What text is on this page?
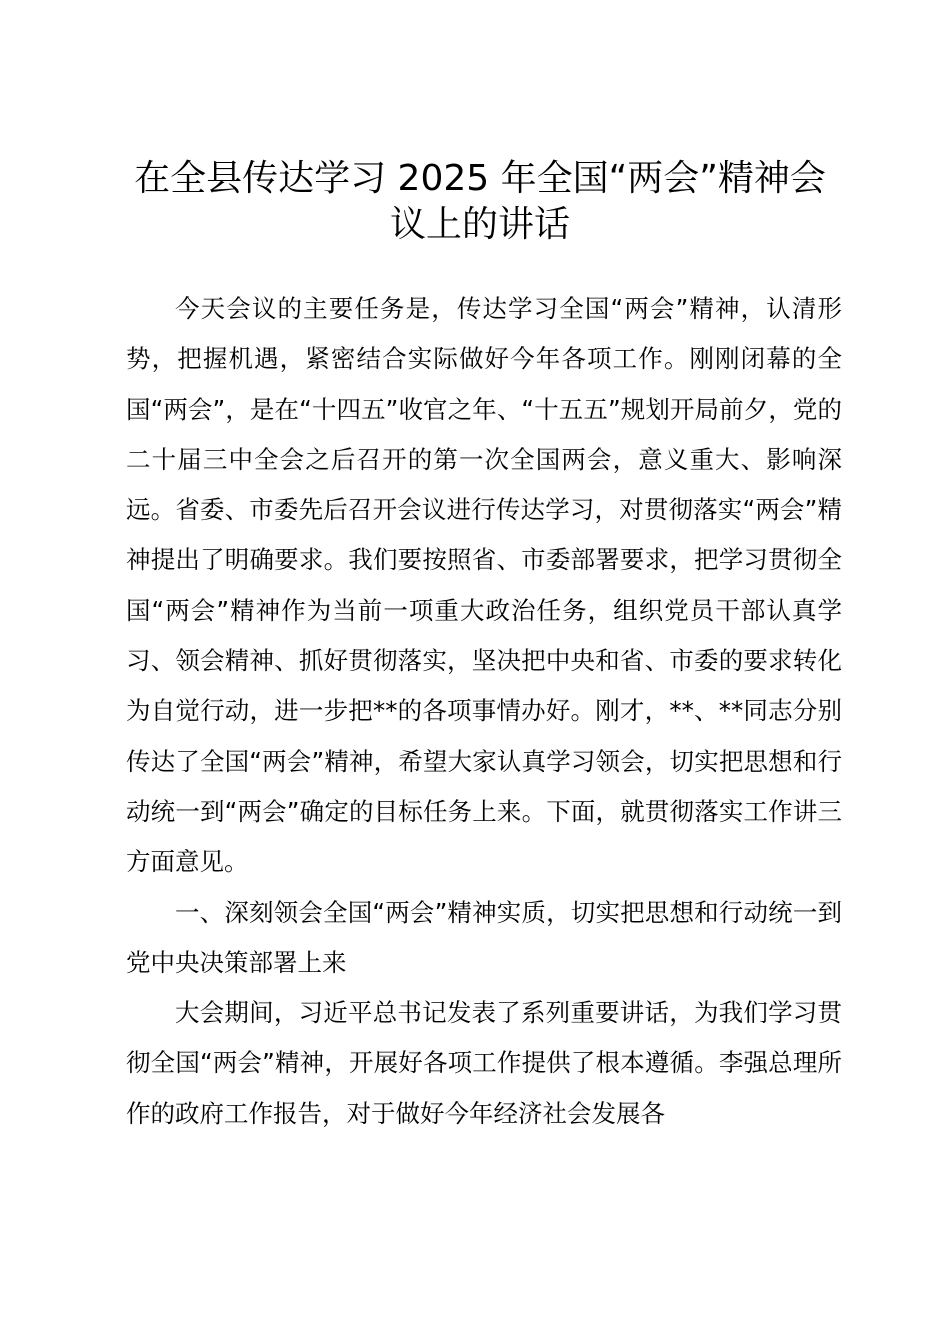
在全县传达学习 2025 年全国“两会”精神会议上的讲话

今天会议的主要任务是，传达学习全国“两会”精神，认清形势，把握机遇，紧密结合实际做好今年各项工作。刚刚闭幕的全国“两会”，是在“十四五”收官之年、“十五五”规划开局前夕，党的二十届三中全会之后召开的第一次全国两会，意义重大、影响深远。省委、市委先后召开会议进行传达学习，对贯彻落实“两会”精神提出了明确要求。我们要按照省、市委部署要求，把学习贯彻全国“两会”精神作为当前一项重大政治任务，组织党员干部认真学习、领会精神、抓好贯彻落实，坚决把中央和省、市委的要求转化为自觉行动，进一步把**的各项事情办好。刚才，**、**同志分别传达了全国“两会”精神，希望大家认真学习领会，切实把思想和行动统一到“两会”确定的目标任务上来。下面，就贯彻落实工作讲三方面意见。

一、深刻领会全国“两会”精神实质，切实把思想和行动统一到党中央决策部署上来

大会期间，习近平总书记发表了系列重要讲话，为我们学习贯彻全国“两会”精神，开展好各项工作提供了根本遵循。李强总理所作的政府工作报告，对于做好今年经济社会发展各
